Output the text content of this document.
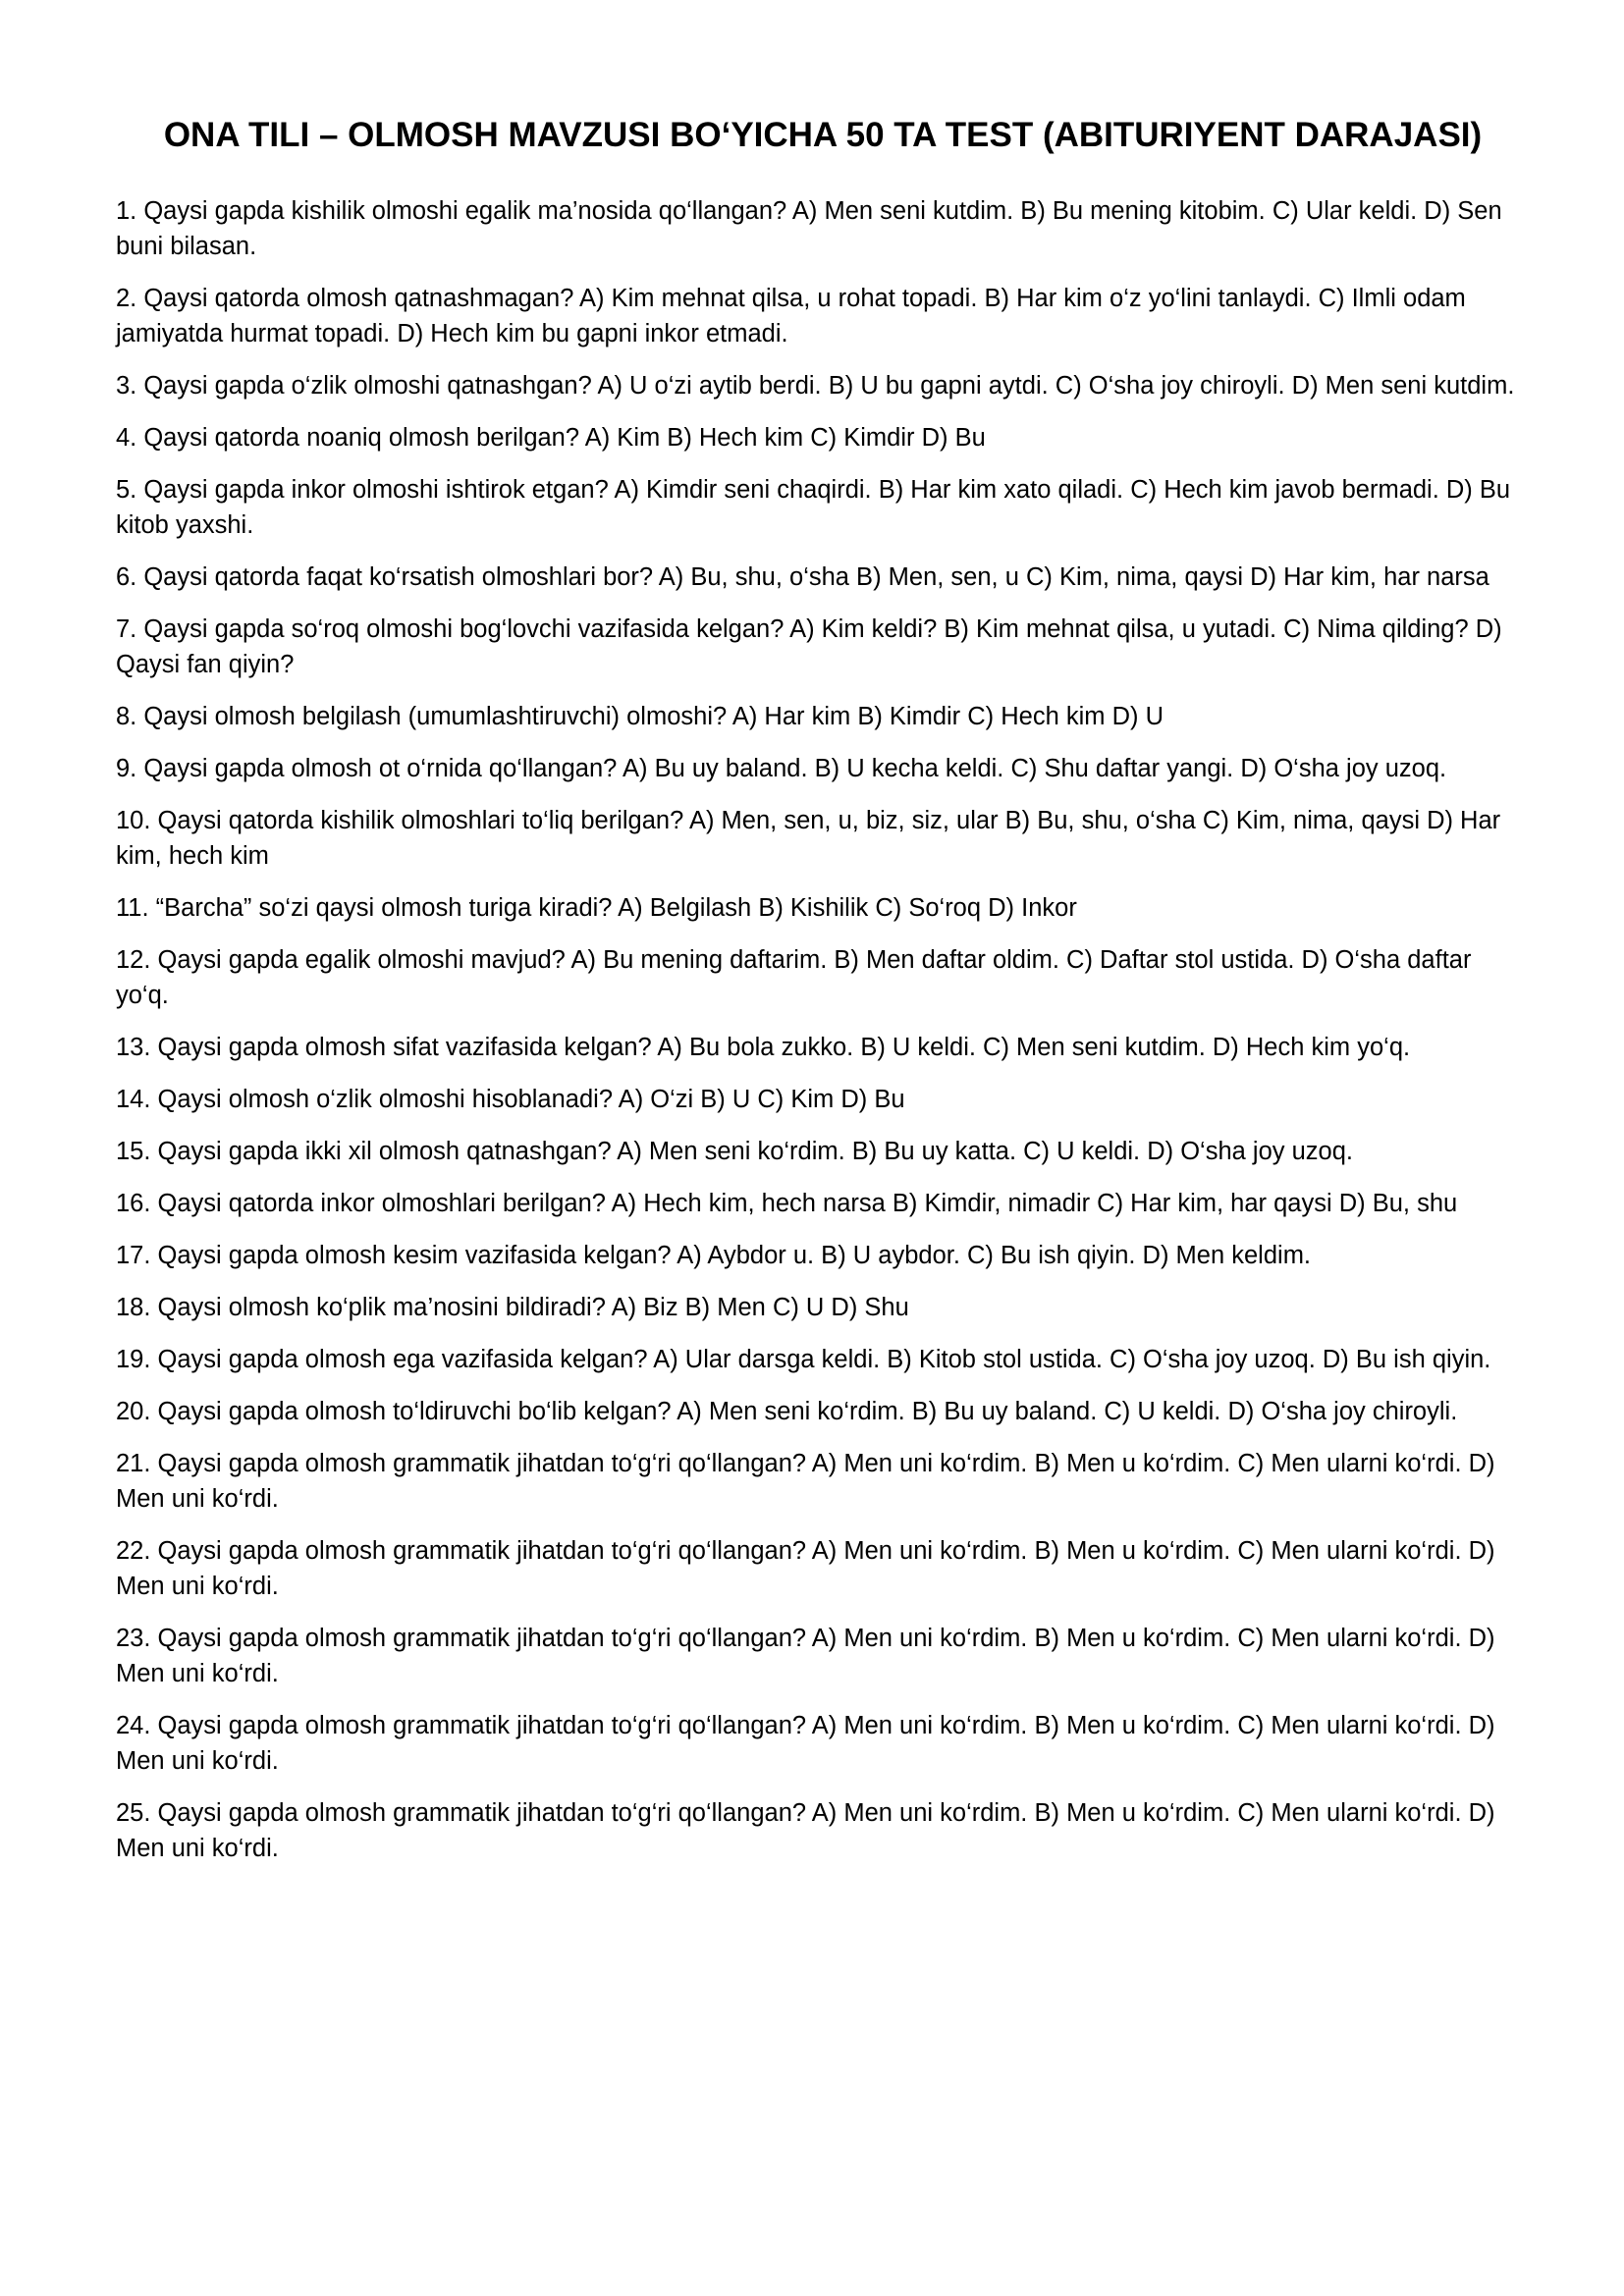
ONA TILI – OLMOSH MAVZUSI BO‘YICHA 50 TA TEST (ABITURIYENT DARAJASI)

1. Qaysi gapda kishilik olmoshi egalik ma’nosida qo‘llangan? A) Men seni kutdim. B) Bu mening kitobim. C) Ular keldi. D) Sen buni bilasan.

2. Qaysi qatorda olmosh qatnashmagan? A) Kim mehnat qilsa, u rohat topadi. B) Har kim o‘z yo‘lini tanlaydi. C) Ilmli odam jamiyatda hurmat topadi. D) Hech kim bu gapni inkor etmadi.

3. Qaysi gapda o‘zlik olmoshi qatnashgan? A) U o‘zi aytib berdi. B) U bu gapni aytdi. C) O‘sha joy chiroyli. D) Men seni kutdim.

4. Qaysi qatorda noaniq olmosh berilgan? A) Kim B) Hech kim C) Kimdir D) Bu

5. Qaysi gapda inkor olmoshi ishtirok etgan? A) Kimdir seni chaqirdi. B) Har kim xato qiladi. C) Hech kim javob bermadi. D) Bu kitob yaxshi.

6. Qaysi qatorda faqat ko‘rsatish olmoshlari bor? A) Bu, shu, o‘sha B) Men, sen, u C) Kim, nima, qaysi D) Har kim, har narsa

7. Qaysi gapda so‘roq olmoshi bog‘lovchi vazifasida kelgan? A) Kim keldi? B) Kim mehnat qilsa, u yutadi. C) Nima qilding? D) Qaysi fan qiyin?

8. Qaysi olmosh belgilash (umumlashtiruvchi) olmoshi? A) Har kim B) Kimdir C) Hech kim D) U

9. Qaysi gapda olmosh ot o‘rnida qo‘llangan? A) Bu uy baland. B) U kecha keldi. C) Shu daftar yangi. D) O‘sha joy uzoq.

10. Qaysi qatorda kishilik olmoshlari to‘liq berilgan? A) Men, sen, u, biz, siz, ular B) Bu, shu, o‘sha C) Kim, nima, qaysi D) Har kim, hech kim

11. “Barcha” so‘zi qaysi olmosh turiga kiradi? A) Belgilash B) Kishilik C) So‘roq D) Inkor

12. Qaysi gapda egalik olmoshi mavjud? A) Bu mening daftarim. B) Men daftar oldim. C) Daftar stol ustida. D) O‘sha daftar yo‘q.

13. Qaysi gapda olmosh sifat vazifasida kelgan? A) Bu bola zukko. B) U keldi. C) Men seni kutdim. D) Hech kim yo‘q.

14. Qaysi olmosh o‘zlik olmoshi hisoblanadi? A) O‘zi B) U C) Kim D) Bu

15. Qaysi gapda ikki xil olmosh qatnashgan? A) Men seni ko‘rdim. B) Bu uy katta. C) U keldi. D) O‘sha joy uzoq.

16. Qaysi qatorda inkor olmoshlari berilgan? A) Hech kim, hech narsa B) Kimdir, nimadir C) Har kim, har qaysi D) Bu, shu

17. Qaysi gapda olmosh kesim vazifasida kelgan? A) Aybdor u. B) U aybdor. C) Bu ish qiyin. D) Men keldim.

18. Qaysi olmosh ko‘plik ma’nosini bildiradi? A) Biz B) Men C) U D) Shu

19. Qaysi gapda olmosh ega vazifasida kelgan? A) Ular darsga keldi. B) Kitob stol ustida. C) O‘sha joy uzoq. D) Bu ish qiyin.

20. Qaysi gapda olmosh to‘ldiruvchi bo‘lib kelgan? A) Men seni ko‘rdim. B) Bu uy baland. C) U keldi. D) O‘sha joy chiroyli.

21. Qaysi gapda olmosh grammatik jihatdan to‘g‘ri qo‘llangan? A) Men uni ko‘rdim. B) Men u ko‘rdim. C) Men ularni ko‘rdi. D) Men uni ko‘rdi.

22. Qaysi gapda olmosh grammatik jihatdan to‘g‘ri qo‘llangan? A) Men uni ko‘rdim. B) Men u ko‘rdim. C) Men ularni ko‘rdi. D) Men uni ko‘rdi.

23. Qaysi gapda olmosh grammatik jihatdan to‘g‘ri qo‘llangan? A) Men uni ko‘rdim. B) Men u ko‘rdim. C) Men ularni ko‘rdi. D) Men uni ko‘rdi.

24. Qaysi gapda olmosh grammatik jihatdan to‘g‘ri qo‘llangan? A) Men uni ko‘rdim. B) Men u ko‘rdim. C) Men ularni ko‘rdi. D) Men uni ko‘rdi.

25. Qaysi gapda olmosh grammatik jihatdan to‘g‘ri qo‘llangan? A) Men uni ko‘rdim. B) Men u ko‘rdim. C) Men ularni ko‘rdi. D) Men uni ko‘rdi.
